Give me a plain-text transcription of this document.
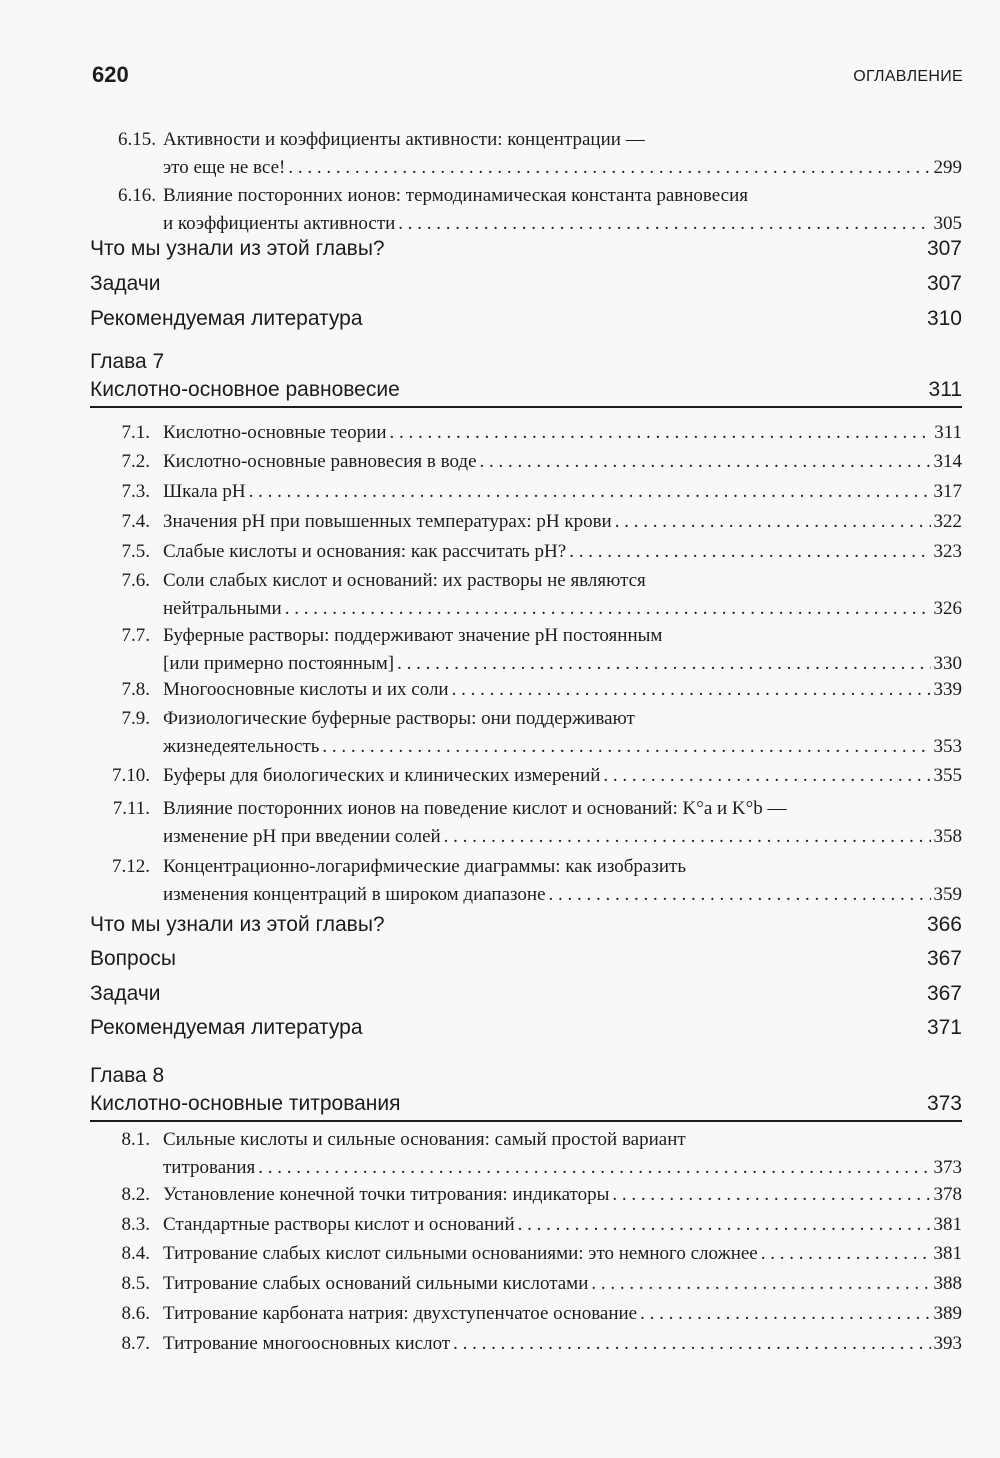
620	ОГЛАВЛЕНИЕ
6.15. Активности и коэффициенты активности: концентрации —
это еще не все! . . .	299
6.16. Влияние посторонних ионов: термодинамическая константа равновесия
и коэффициенты активности . . .	305
Что мы узнали из этой главы?	307
Задачи	307
Рекомендуемая литература	310
Глава 7
Кислотно-основное равновесие	311
7.1. Кислотно-основные теории . . .	311
7.2. Кислотно-основные равновесия в воде . . .	314
7.3. Шкала pH . . .	317
7.4. Значения pH при повышенных температурах: pH крови . . .	322
7.5. Слабые кислоты и основания: как рассчитать pH? . . .	323
7.6. Соли слабых кислот и оснований: их растворы не являются
нейтральными . . .	326
7.7. Буферные растворы: поддерживают значение pH постоянным
[или примерно постоянным] . . .	330
7.8. Многоосновные кислоты и их соли . . .	339
7.9. Физиологические буферные растворы: они поддерживают
жизнедеятельность . . .	353
7.10. Буферы для биологических и клинических измерений . . .	355
7.11. Влияние посторонних ионов на поведение кислот и оснований: K°a и K°b —
изменение pH при введении солей . . .	358
7.12. Концентрационно-логарифмические диаграммы: как изобразить
изменения концентраций в широком диапазоне . . .	359
Что мы узнали из этой главы?	366
Вопросы	367
Задачи	367
Рекомендуемая литература	371
Глава 8
Кислотно-основные титрования	373
8.1. Сильные кислоты и сильные основания: самый простой вариант
титрования . . .	373
8.2. Установление конечной точки титрования: индикаторы . . .	378
8.3. Стандартные растворы кислот и оснований . . .	381
8.4. Титрование слабых кислот сильными основаниями: это немного сложнее . . .	381
8.5. Титрование слабых оснований сильными кислотами . . .	388
8.6. Титрование карбоната натрия: двухступенчатое основание . . .	389
8.7. Титрование многоосновных кислот . . .	393
